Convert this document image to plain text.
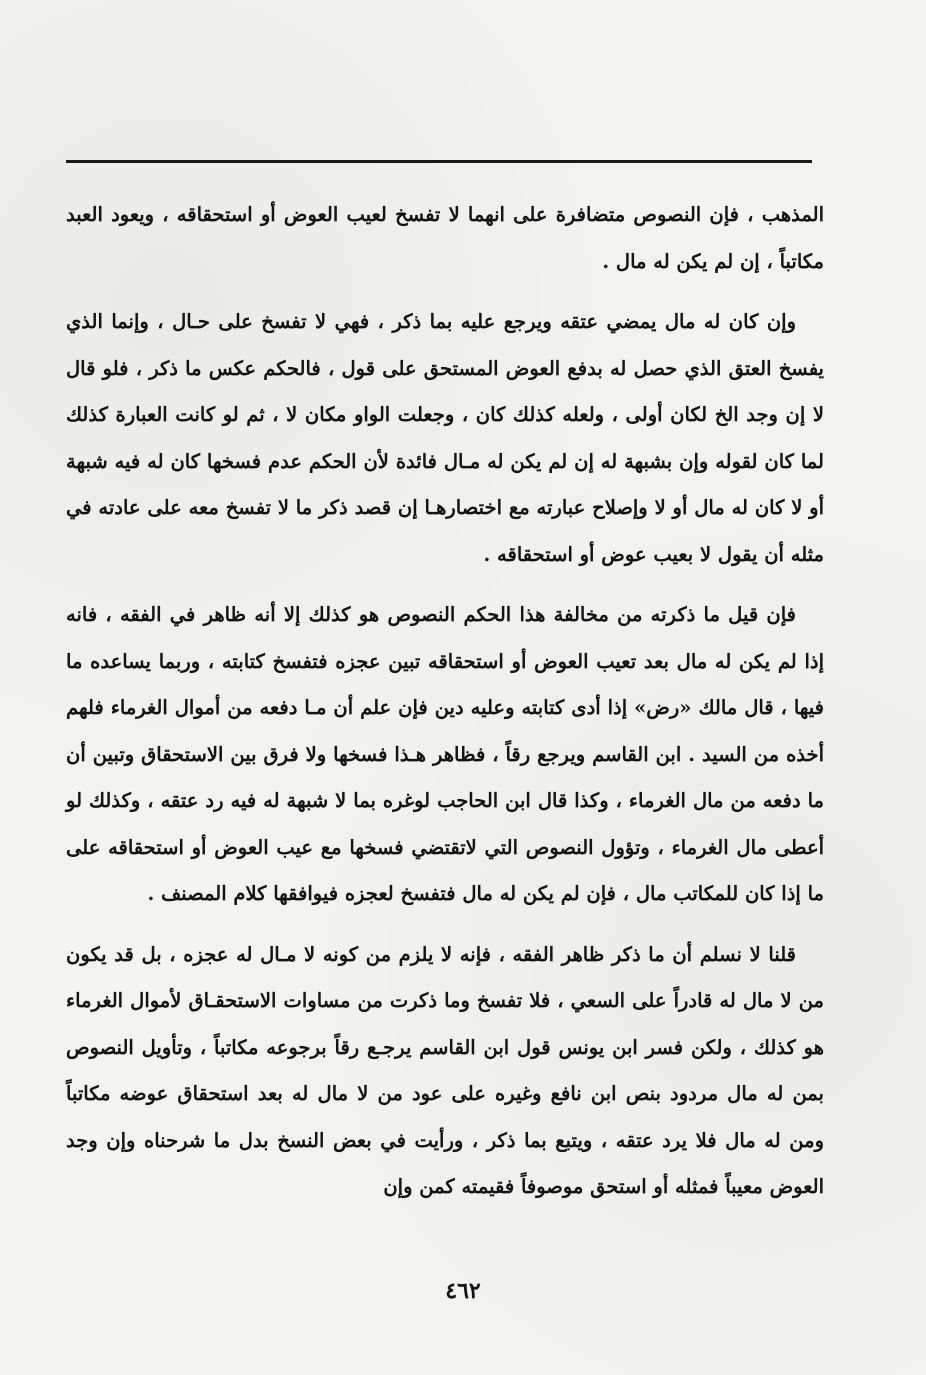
المذهب ، فإن النصوص متضافرة على انهما لا تفسخ لعيب العوض أو استحقاقه ، ويعود العبد مكاتباً ، إن لم يكن له مال .

وإن كان له مال يمضي عتقه ويرجع عليه بما ذكر ، فهي لا تفسخ على حـال ، وإنما الذي يفسخ العتق الذي حصل له بدفع العوض المستحق على قول ، فالحكم عكس ما ذكر ، فلو قال لا إن وجد الخ لكان أولى ، ولعله كذلك كان ، وجعلت الواو مكان لا ، ثم لو كانت العبارة كذلك لما كان لقوله وإن بشبهة له إن لم يكن له مـال فائدة لأن الحكم عدم فسخها كان له فيه شبهة أو لا كان له مال أو لا وإصلاح عبارته مع اختصارهـا إن قصد ذكر ما لا تفسخ معه على عادته في مثله أن يقول لا بعيب عوض أو استحقاقه .

فإن قيل ما ذكرته من مخالفة هذا الحكم النصوص هو كذلك إلا أنه ظاهر في الفقه ، فانه إذا لم يكن له مال بعد تعيب العوض أو استحقاقه تبين عجزه فتفسخ كتابته ، وربما يساعده ما فيها ، قال مالك «رض» إذا أدى كتابته وعليه دين فإن علم أن مـا دفعه من أموال الغرماء فلهم أخذه من السيد . ابن القاسم ويرجع رقاً ، فظاهر هـذا فسخها ولا فرق بين الاستحقاق وتبين أن ما دفعه من مال الغرماء ، وكذا قال ابن الحاجب لوغره بما لا شبهة له فيه رد عتقه ، وكذلك لو أعطى مال الغرماء ، وتؤول النصوص التي لاتقتضي فسخها مع عيب العوض أو استحقاقه على ما إذا كان للمكاتب مال ، فإن لم يكن له مال فتفسخ لعجزه فيوافقها كلام المصنف .

قلنا لا نسلم أن ما ذكر ظاهر الفقه ، فإنه لا يلزم من كونه لا مـال له عجزه ، بل قد يكون من لا مال له قادراً على السعي ، فلا تفسخ وما ذكرت من مساوات الاستحقـاق لأموال الغرماء هو كذلك ، ولكن فسر ابن يونس قول ابن القاسم يرجـع رقاً برجوعه مكاتباً ، وتأويل النصوص بمن له مال مردود بنص ابن نافع وغيره على عود من لا مال له بعد استحقاق عوضه مكاتباً ومن له مال فلا يرد عتقه ، ويتبع بما ذكر ، ورأيت في بعض النسخ بدل ما شرحناه وإن وجد العوض معيباً فمثله أو استحق موصوفاً فقيمته كمن وإن

٤٦٢
